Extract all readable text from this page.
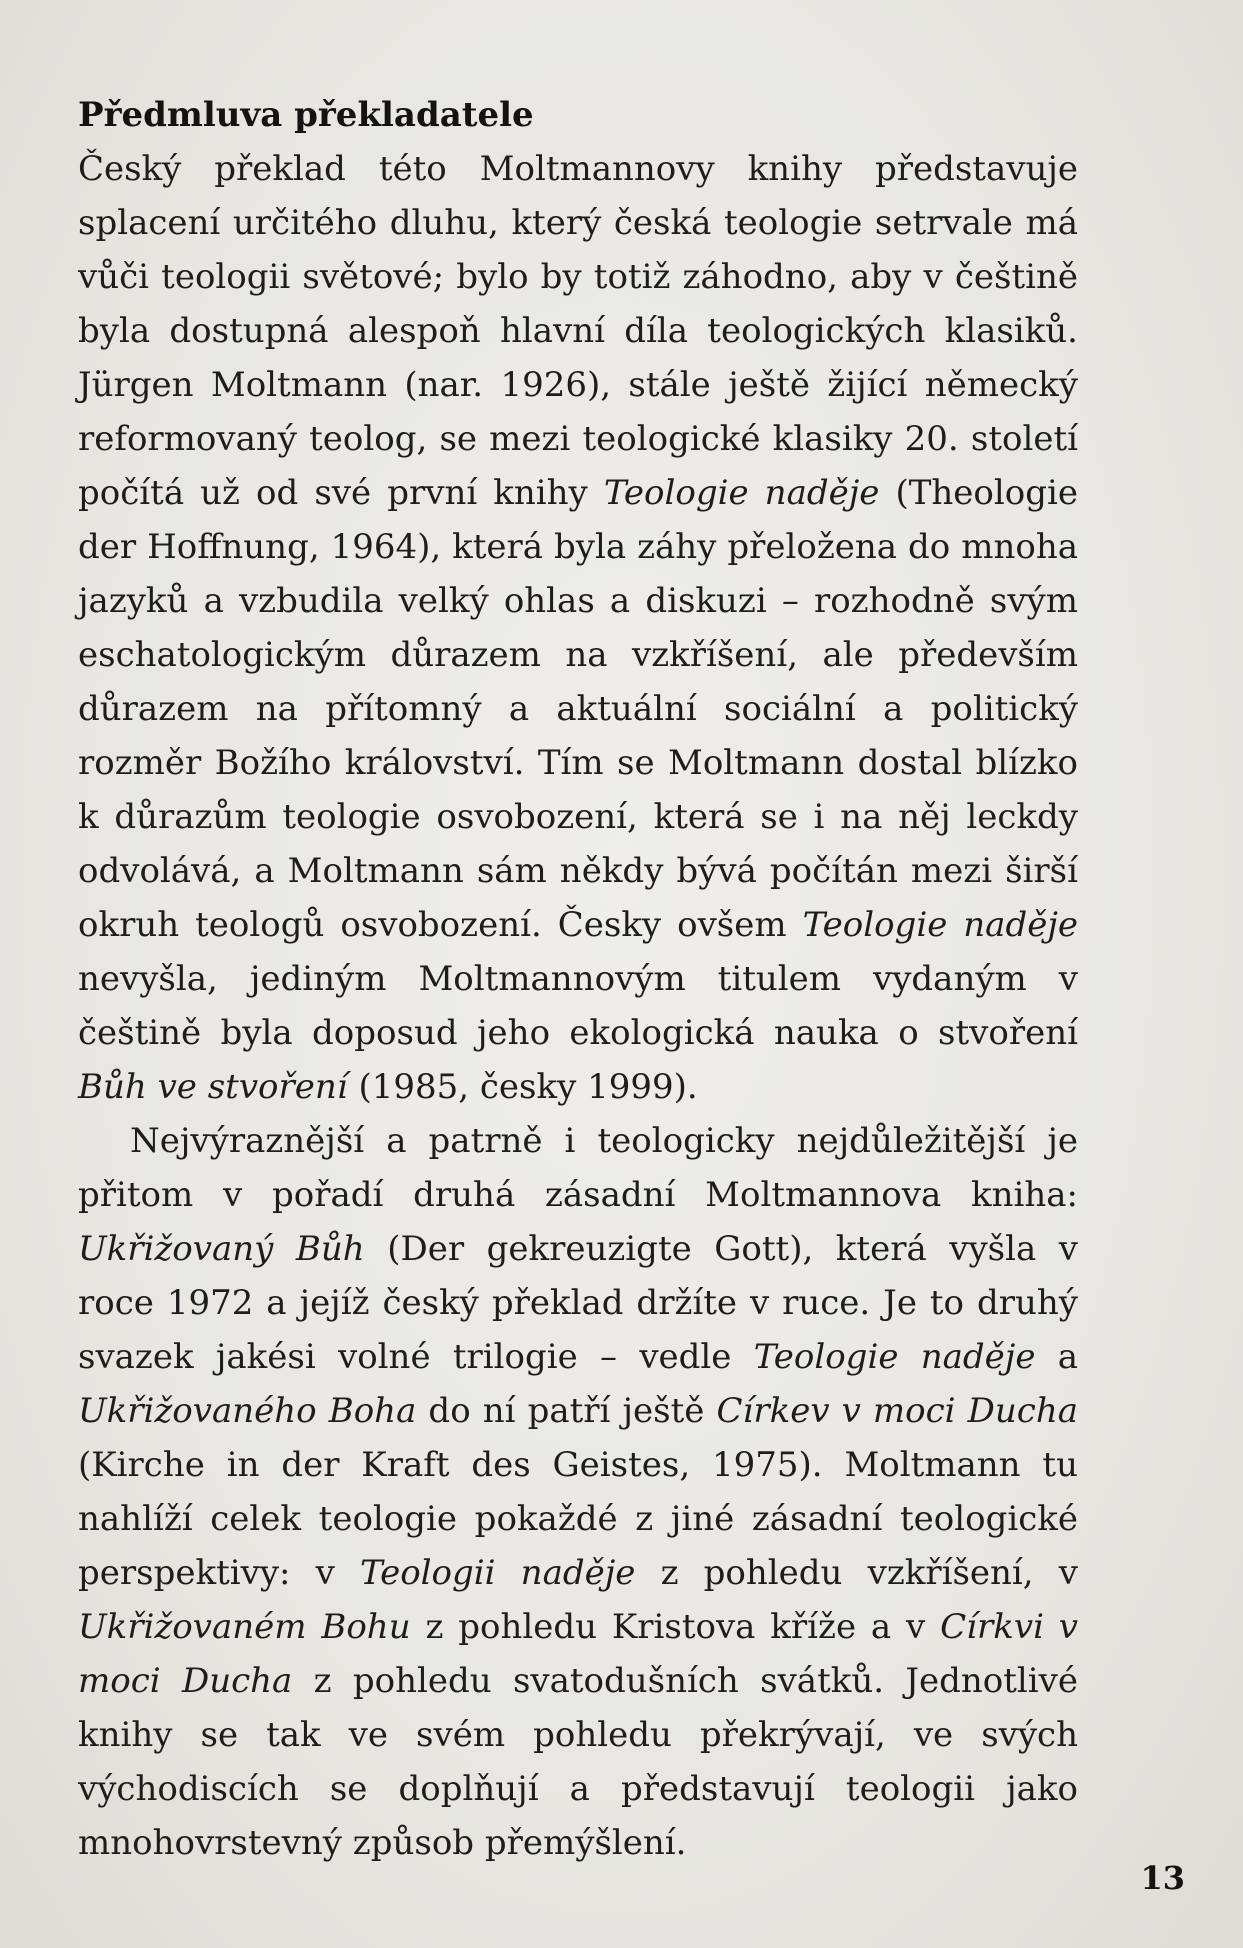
Předmluva překladatele

Český překlad této Moltmannovy knihy představuje splacení určitého dluhu, který česká teologie setrvale má vůči teologii světové; bylo by totiž záhodno, aby v češtině byla dostupná alespoň hlavní díla teologických klasiků. Jürgen Moltmann (nar. 1926), stále ještě žijící německý reformovaný teolog, se mezi teologické klasiky 20. století počítá už od své první knihy Teologie naděje (Theologie der Hoffnung, 1964), která byla záhy přeložena do mnoha jazyků a vzbudila velký ohlas a diskuzi – rozhodně svým eschatologickým důrazem na vzkříšení, ale především důrazem na přítomný a aktuální sociální a politický rozměr Božího království. Tím se Moltmann dostal blízko k důrazům teologie osvobození, která se i na něj leckdy odvolává, a Moltmann sám někdy bývá počítán mezi širší okruh teologů osvobození. Česky ovšem Teologie naděje nevyšla, jediným Moltmannovým titulem vydaným v češtině byla doposud jeho ekologická nauka o stvoření Bůh ve stvoření (1985, česky 1999).

Nejvýraznější a patrně i teologicky nejdůležitější je přitom v pořadí druhá zásadní Moltmannova kniha: Ukřižovaný Bůh (Der gekreuzigte Gott), která vyšla v roce 1972 a jejíž český překlad držíte v ruce. Je to druhý svazek jakési volné trilogie – vedle Teologie naděje a Ukřižovaného Boha do ní patří ještě Církev v moci Ducha (Kirche in der Kraft des Geistes, 1975). Moltmann tu nahlíží celek teologie pokaždé z jiné zásadní teologické perspektivy: v Teologii naděje z pohledu vzkříšení, v Ukřižovaném Bohu z pohledu Kristova kříže a v Církvi v moci Ducha z pohledu svatodušních svátků. Jednotlivé knihy se tak ve svém pohledu překrývají, ve svých východiscích se doplňují a představují teologii jako mnohovrstevný způsob přemýšlení.

13
